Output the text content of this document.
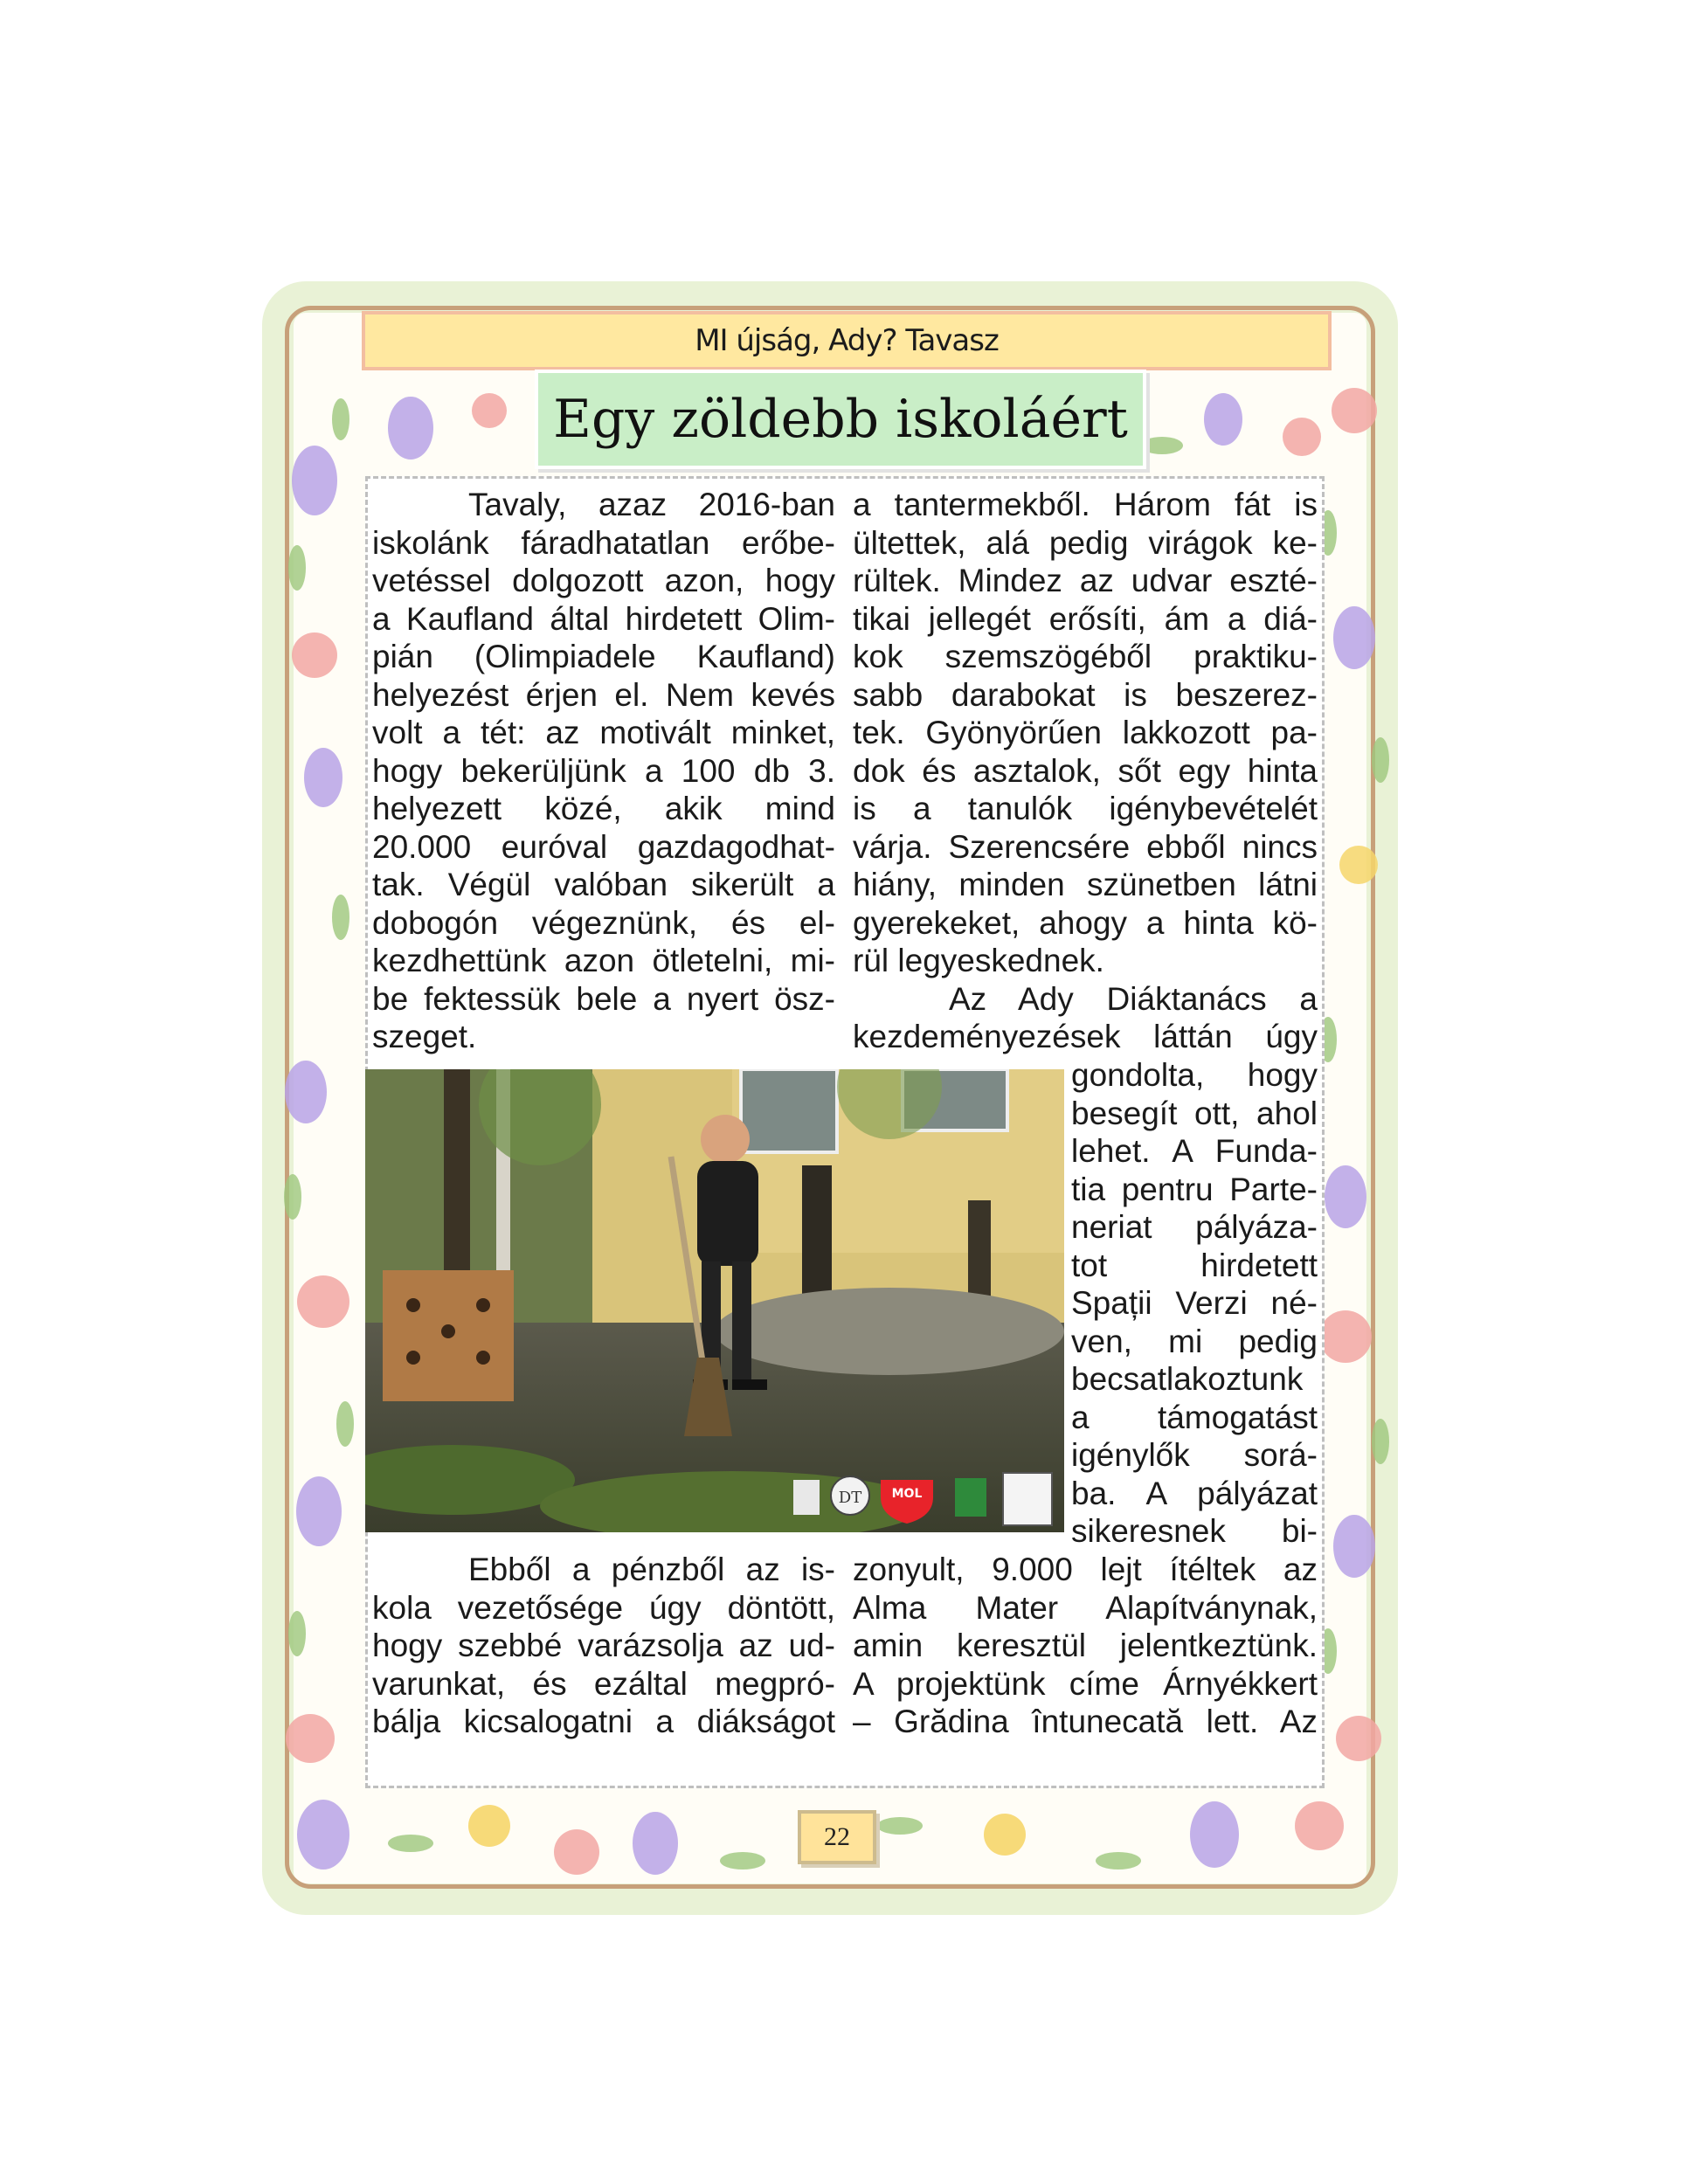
MI újság, Ady? Tavasz
Egy zöldebb iskoláért
Tavaly, azaz 2016-ban
iskolánk fáradhatatlan erőbe-
vetéssel dolgozott azon, hogy
a Kaufland által hirdetett Olim-
pián (Olimpiadele Kaufland)
helyezést érjen el. Nem kevés
volt a tét: az motivált minket,
hogy bekerüljünk a 100 db 3.
helyezett közé, akik mind
20.000 euróval gazdagodhat-
tak. Végül valóban sikerült a
dobogón végeznünk, és el-
kezdhettünk azon ötletelni, mi-
be fektessük bele a nyert ösz-
szeget.
a tantermekből. Három fát is
ültettek, alá pedig virágok ke-
rültek. Mindez az udvar eszté-
tikai jellegét erősíti, ám a diá-
kok szemszögéből praktiku-
sabb darabokat is beszerez-
tek. Gyönyörűen lakkozott pa-
dok és asztalok, sőt egy hinta
is a tanulók igénybevételét
várja. Szerencsére ebből nincs
hiány, minden szünetben látni
gyerekeket, ahogy a hinta kö-
rül legyeskednek.
Az Ady Diáktanács a
kezdeményezések láttán úgy
gondolta, hogy
besegít ott, ahol
lehet. A Funda-
tia pentru Parte-
neriat pályáza-
tot hirdetett
Spații Verzi né-
ven, mi pedig
becsatlakoztunk
a támogatást
igénylők sorá-
ba. A pályázat
sikeresnek bi-
DT MOL
Ebből a pénzből az is-
kola vezetősége úgy döntött,
hogy szebbé varázsolja az ud-
varunkat, és ezáltal megpró-
bálja kicsalogatni a diákságot
zonyult, 9.000 lejt ítéltek az
Alma Mater Alapítványnak,
amin keresztül jelentkeztünk.
A projektünk címe Árnyékkert
– Grădina întunecată lett. Az
22
